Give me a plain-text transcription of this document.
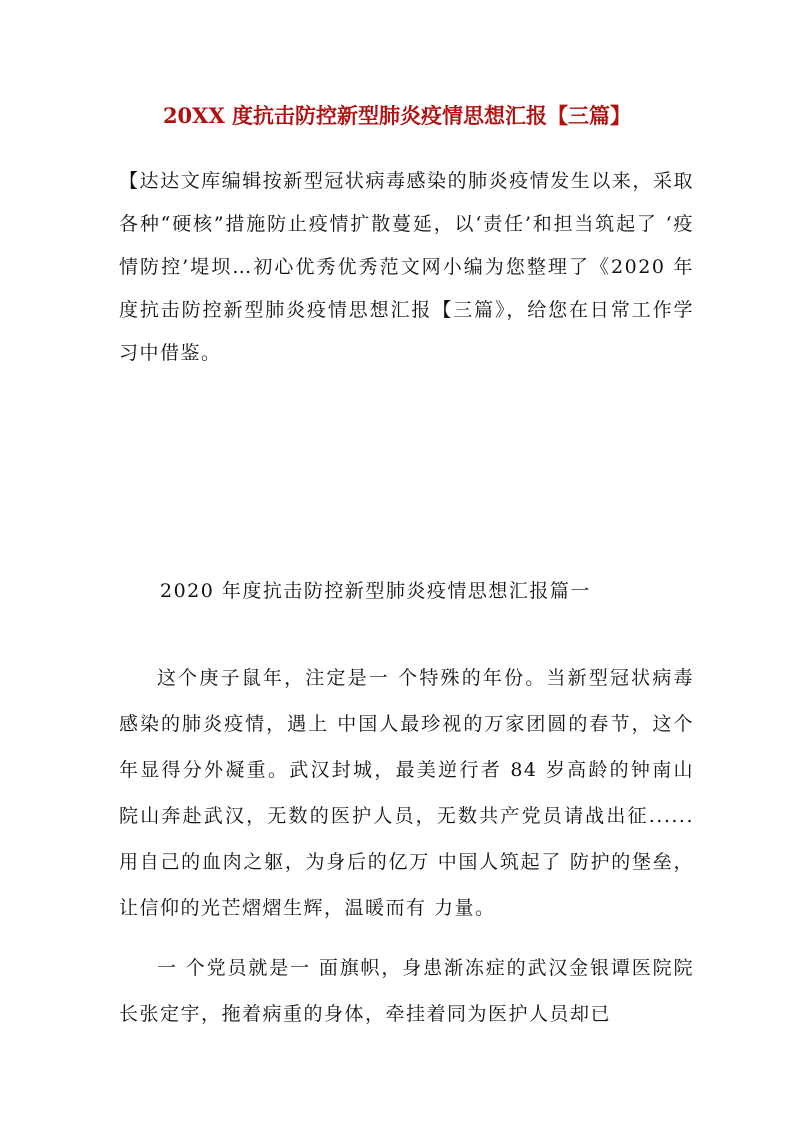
20XX 度抗击防控新型肺炎疫情思想汇报【三篇】

【达达文库编辑按新型冠状病毒感染的肺炎疫情发生以来，采取各种“硬核”措施防止疫情扩散蔓延，以‘责任’和担当筑起了 ‘疫情防控’堤坝…初心优秀优秀范文网小编为您整理了《2020 年度抗击防控新型肺炎疫情思想汇报【三篇》，给您在日常工作学习中借鉴。

2020 年度抗击防控新型肺炎疫情思想汇报篇一

这个庚子鼠年，注定是一 个特殊的年份。当新型冠状病毒感染的肺炎疫情，遇上 中国人最珍视的万家团圆的春节，这个年显得分外凝重。武汉封城，最美逆行者 84 岁高龄的钟南山院山奔赴武汉，无数的医护人员，无数共产党员请战出征......用自己的血肉之躯，为身后的亿万 中国人筑起了 防护的堡垒，让信仰的光芒熠熠生辉，温暖而有 力量。

一 个党员就是一 面旗帜，身患渐冻症的武汉金银谭医院院长张定宇，拖着病重的身体，牵挂着同为医护人员却已
